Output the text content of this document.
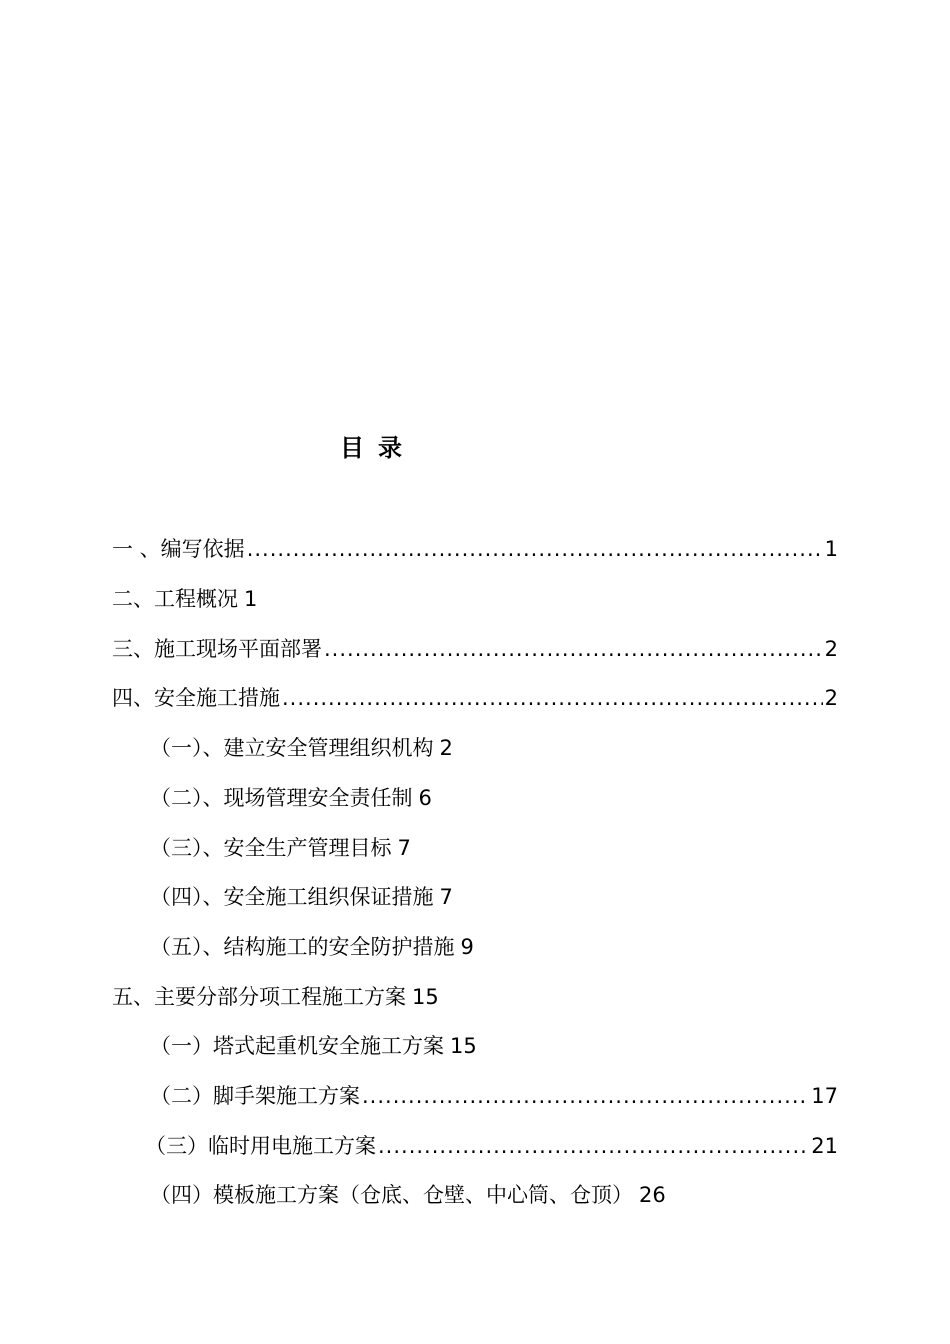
目录
一 、编写依据 .....	1
二、工程概况 1
三、施工现场平面部署 .....	2
四、安全施工措施 .....	2
（一）、建立安全管理组织机构 2
（二）、现场管理安全责任制 6
（三）、安全生产管理目标 7
（四）、安全施工组织保证措施 7
（五）、结构施工的安全防护措施 9
五、主要分部分项工程施工方案 15
（一）塔式起重机安全施工方案 15
（二）脚手架施工方案 .....	17
（三）临时用电施工方案 .....	21
（四）模板施工方案（仓底、仓壁、中心筒、仓顶） 26
